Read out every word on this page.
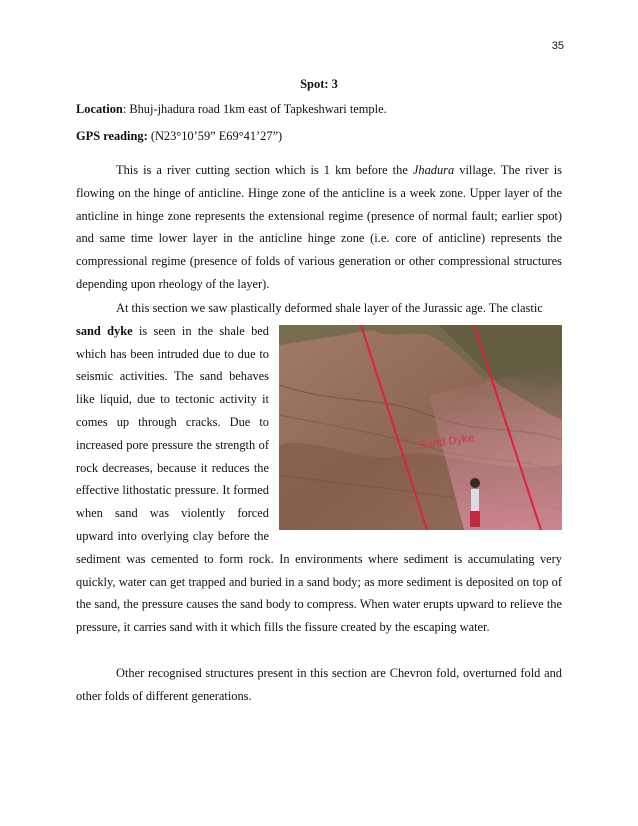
35
Spot: 3
Location: Bhuj-jhadura road 1km east of Tapkeshwari temple.
GPS reading: (N23°10’59” E69°41’27”)

This is a river cutting section which is 1 km before the Jhadura village. The river is flowing on the hinge of anticline. Hinge zone of the anticline is a week zone. Upper layer of the anticline in hinge zone represents the extensional regime (presence of normal fault; earlier spot) and same time lower layer in the anticline hinge zone (i.e. core of anticline) represents the compressional regime (presence of folds of various generation or other compressional structures depending upon rheology of the layer).

At this section we saw plastically deformed shale layer of the Jurassic age. The clastic
Sand Dyke
sand dyke is seen in the shale bed which has been intruded due to due to seismic activities. The sand behaves like liquid, due to tectonic activity it comes up through cracks. Due to increased pore pressure the strength of rock decreases, because it reduces the effective lithostatic pressure. It formed when sand was violently forced upward into overlying clay before the sediment was cemented to form rock. In environments where sediment is accumulating very quickly, water can get trapped and buried in a sand body; as more sediment is deposited on top of the sand, the pressure causes the sand body to compress. When water erupts upward to relieve the pressure, it carries sand with it which fills the fissure created by the escaping water.

Other recognised structures present in this section are Chevron fold, overturned fold and other folds of different generations.
